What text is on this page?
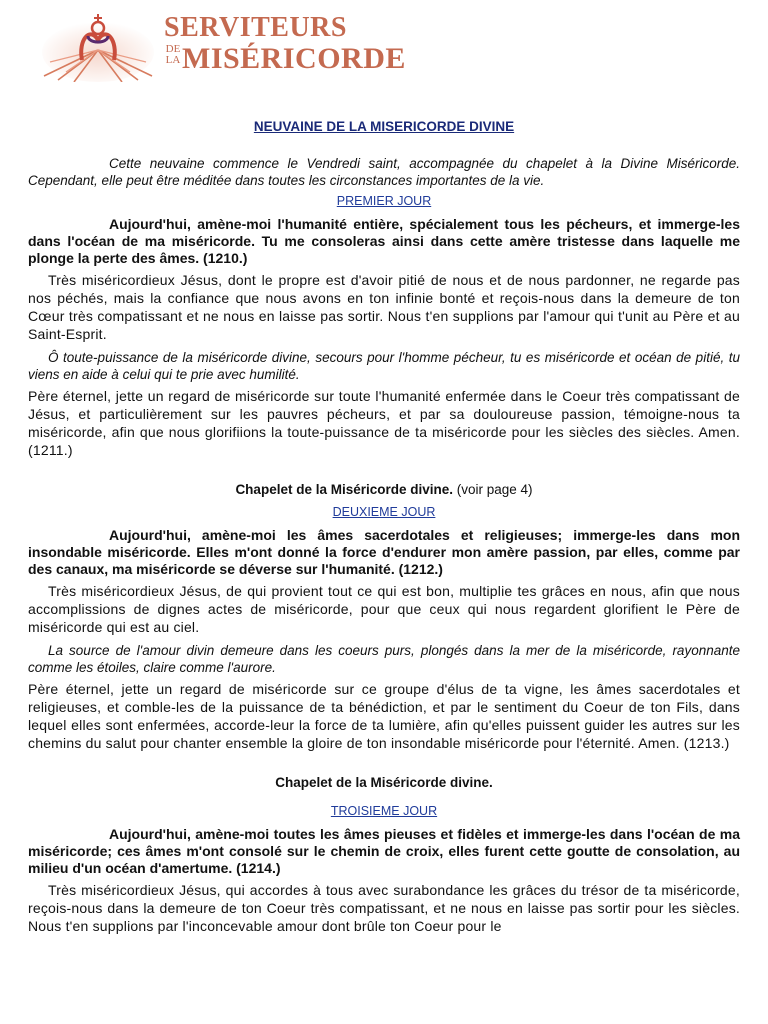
SERVITEURS
DE
LAMISÉRICORDE
NEUVAINE DE LA MISERICORDE DIVINE

Cette neuvaine commence le Vendredi saint, accompagnée du chapelet à la Divine Miséricorde. Cependant, elle peut être méditée dans toutes les circonstances importantes de la vie.

PREMIER JOUR

Aujourd'hui, amène-moi l'humanité entière, spécialement tous les pécheurs, et immerge-les dans l'océan de ma miséricorde. Tu me consoleras ainsi dans cette amère tristesse dans laquelle me plonge la perte des âmes. (1210.)

Très miséricordieux Jésus, dont le propre est d'avoir pitié de nous et de nous pardonner, ne regarde pas nos péchés, mais la confiance que nous avons en ton infinie bonté et reçois-nous dans la demeure de ton Cœur très compatissant et ne nous en laisse pas sortir. Nous t'en supplions par l'amour qui t'unit au Père et au Saint-Esprit.

Ô toute-puissance de la miséricorde divine, secours pour l'homme pécheur, tu es miséricorde et océan de pitié, tu viens en aide à celui qui te prie avec humilité.

Père éternel, jette un regard de miséricorde sur toute l'humanité enfermée dans le Coeur très compatissant de Jésus, et particulièrement sur les pauvres pécheurs, et par sa douloureuse passion, témoigne-nous ta miséricorde, afin que nous glorifiions la toute-puissance de ta miséricorde pour les siècles des siècles. Amen. (1211.)

Chapelet de la Miséricorde divine. (voir page 4)
DEUXIEME JOUR

Aujourd'hui, amène-moi les âmes sacerdotales et religieuses; immerge-les dans mon insondable miséricorde. Elles m'ont donné la force d'endurer mon amère passion, par elles, comme par des canaux, ma miséricorde se déverse sur l'humanité. (1212.)

Très miséricordieux Jésus, de qui provient tout ce qui est bon, multiplie tes grâces en nous, afin que nous accomplissions de dignes actes de miséricorde, pour que ceux qui nous regardent glorifient le Père de miséricorde qui est au ciel.

La source de l'amour divin demeure dans les coeurs purs, plongés dans la mer de la miséricorde, rayonnante comme les étoiles, claire comme l'aurore.

Père éternel, jette un regard de miséricorde sur ce groupe d'élus de ta vigne, les âmes sacerdotales et religieuses, et comble-les de la puissance de ta bénédiction, et par le sentiment du Coeur de ton Fils, dans lequel elles sont enfermées, accorde-leur la force de ta lumière, afin qu'elles puissent guider les autres sur les chemins du salut pour chanter ensemble la gloire de ton insondable miséricorde pour l'éternité. Amen. (1213.)

Chapelet de la Miséricorde divine.
TROISIEME JOUR

Aujourd'hui, amène-moi toutes les âmes pieuses et fidèles et immerge-les dans l'océan de ma miséricorde; ces âmes m'ont consolé sur le chemin de croix, elles furent cette goutte de consolation, au milieu d'un océan d'amertume. (1214.)

Très miséricordieux Jésus, qui accordes à tous avec surabondance les grâces du trésor de ta miséricorde, reçois-nous dans la demeure de ton Coeur très compatissant, et ne nous en laisse pas sortir pour les siècles. Nous t'en supplions par l'inconcevable amour dont brûle ton Coeur pour le
